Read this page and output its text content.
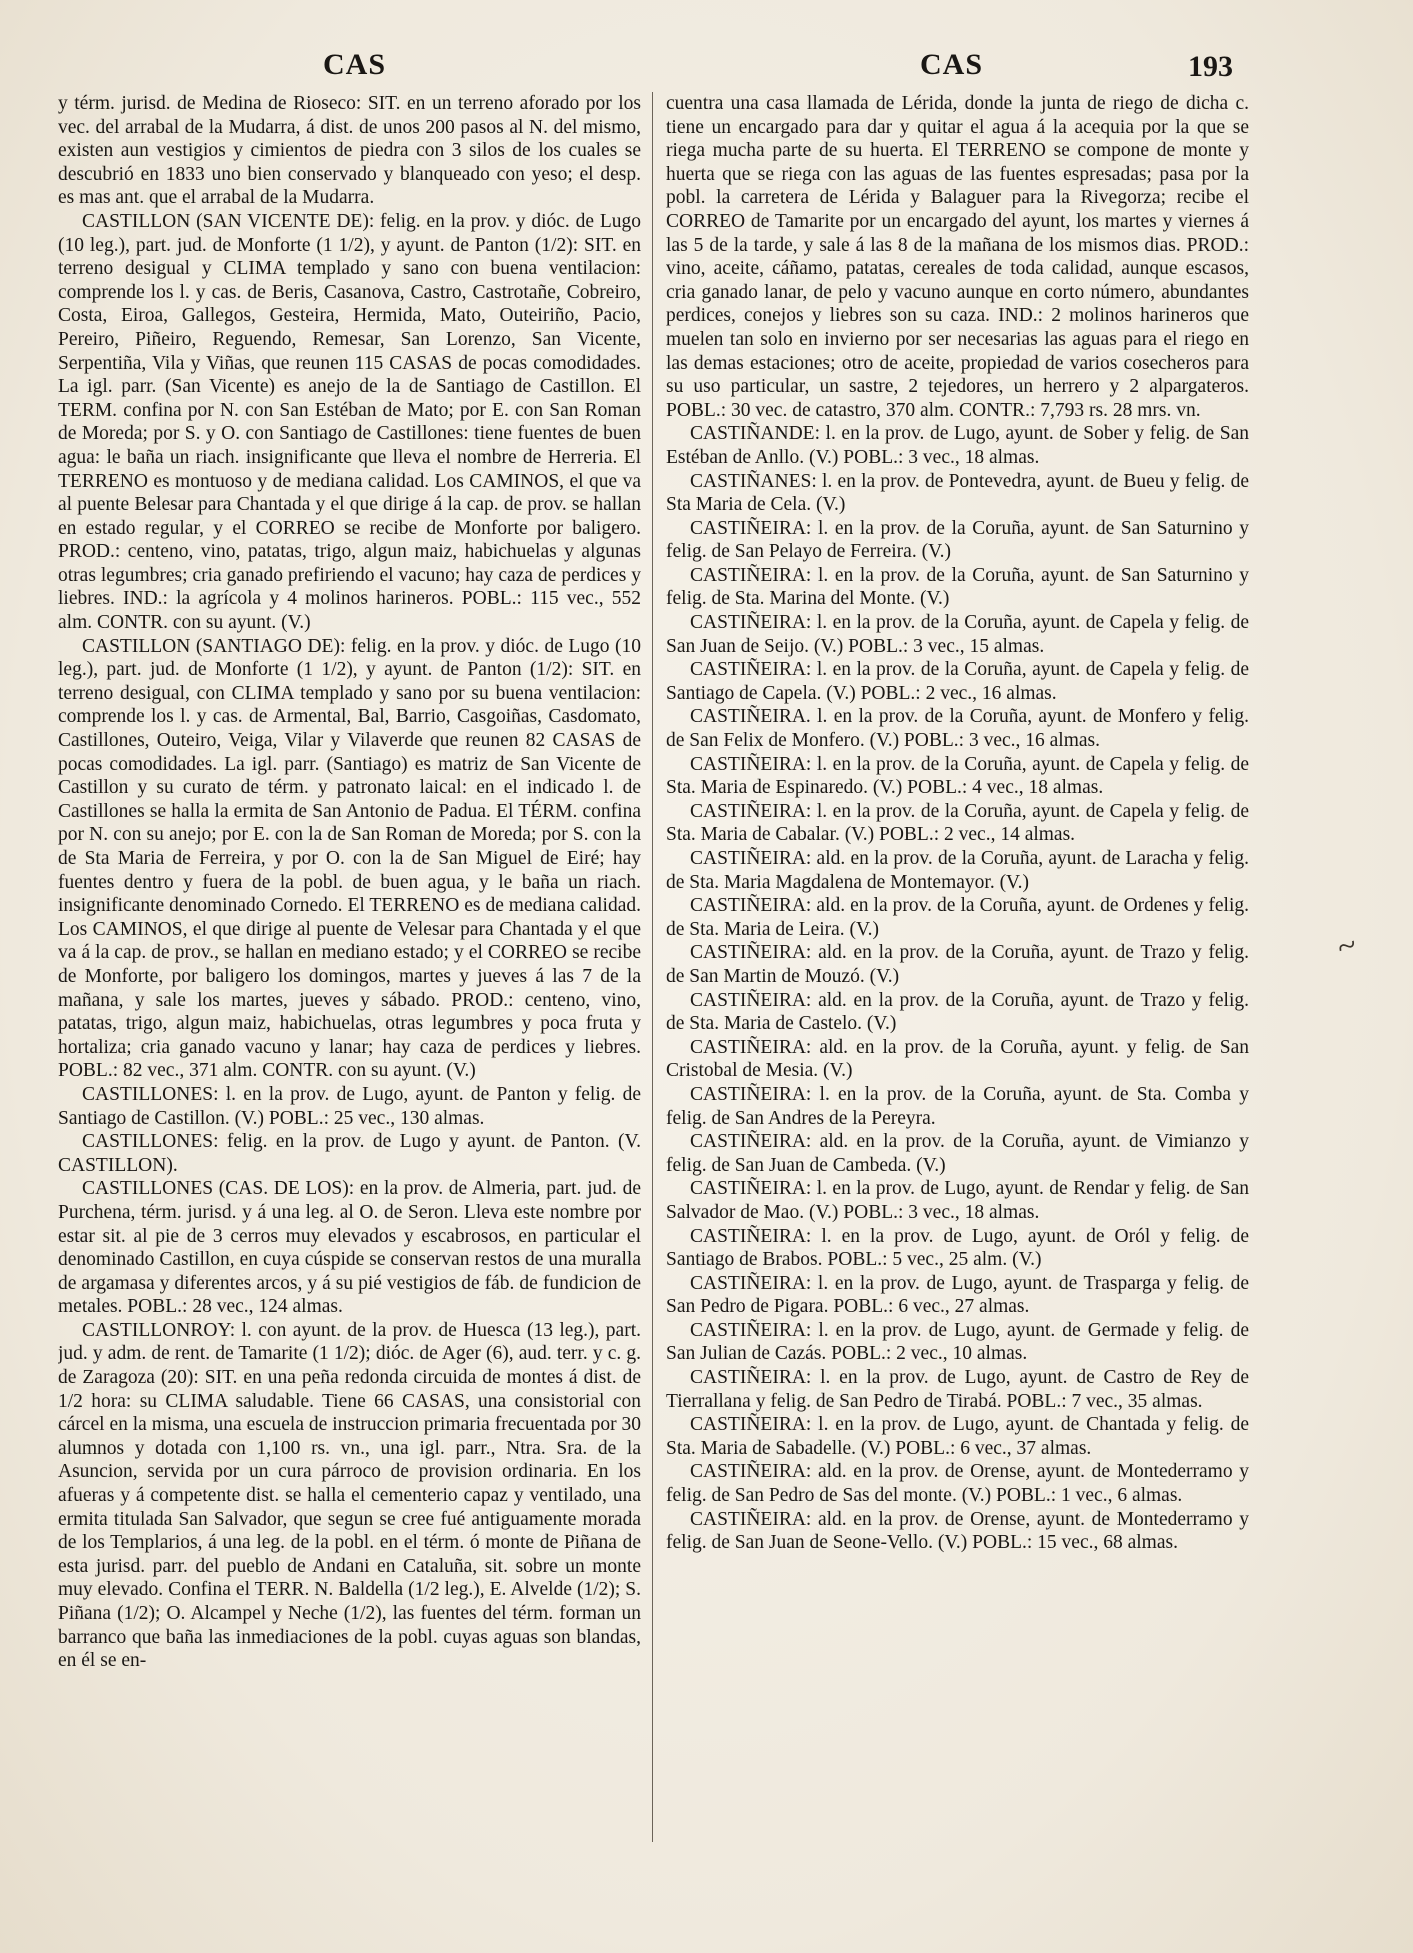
CAS	CAS	193

y térm. jurisd. de Medina de Rioseco: SIT. en un terreno aforado por los vec. del arrabal de la Mudarra, á dist. de unos 200 pasos al N. del mismo, existen aun vestigios y cimientos de piedra con 3 silos de los cuales se descubrió en 1833 uno bien conservado y blanqueado con yeso; el desp. es mas ant. que el arrabal de la Mudarra.

CASTILLON (SAN VICENTE DE): felig. en la prov. y dióc. de Lugo (10 leg.), part. jud. de Monforte (1 1/2), y ayunt. de Panton (1/2): SIT. en terreno desigual y CLIMA templado y sano con buena ventilacion: comprende los l. y cas. de Beris, Casanova, Castro, Castrotañe, Cobreiro, Costa, Eiroa, Gallegos, Gesteira, Hermida, Mato, Outeiriño, Pacio, Pereiro, Piñeiro, Reguendo, Remesar, San Lorenzo, San Vicente, Serpentiña, Vila y Viñas, que reunen 115 CASAS de pocas comodidades. La igl. parr. (San Vicente) es anejo de la de Santiago de Castillon. El TERM. confina por N. con San Estéban de Mato; por E. con San Roman de Moreda; por S. y O. con Santiago de Castillones: tiene fuentes de buen agua: le baña un riach. insignificante que lleva el nombre de Herreria. El TERRENO es montuoso y de mediana calidad. Los CAMINOS, el que va al puente Belesar para Chantada y el que dirige á la cap. de prov. se hallan en estado regular, y el CORREO se recibe de Monforte por baligero. PROD.: centeno, vino, patatas, trigo, algun maiz, habichuelas y algunas otras legumbres; cria ganado prefiriendo el vacuno; hay caza de perdices y liebres. IND.: la agrícola y 4 molinos harineros. POBL.: 115 vec., 552 alm. CONTR. con su ayunt. (V.)

CASTILLON (SANTIAGO DE): felig. en la prov. y dióc. de Lugo (10 leg.), part. jud. de Monforte (1 1/2), y ayunt. de Panton (1/2): SIT. en terreno desigual, con CLIMA templado y sano por su buena ventilacion: comprende los l. y cas. de Armental, Bal, Barrio, Casgoiñas, Casdomato, Castillones, Outeiro, Veiga, Vilar y Vilaverde que reunen 82 CASAS de pocas comodidades. La igl. parr. (Santiago) es matriz de San Vicente de Castillon y su curato de térm. y patronato laical: en el indicado l. de Castillones se halla la ermita de San Antonio de Padua. El TÉRM. confina por N. con su anejo; por E. con la de San Roman de Moreda; por S. con la de Sta Maria de Ferreira, y por O. con la de San Miguel de Eiré; hay fuentes dentro y fuera de la pobl. de buen agua, y le baña un riach. insignificante denominado Cornedo. El TERRENO es de mediana calidad. Los CAMINOS, el que dirige al puente de Velesar para Chantada y el que va á la cap. de prov., se hallan en mediano estado; y el CORREO se recibe de Monforte, por baligero los domingos, martes y jueves á las 7 de la mañana, y sale los martes, jueves y sábado. PROD.: centeno, vino, patatas, trigo, algun maiz, habichuelas, otras legumbres y poca fruta y hortaliza; cria ganado vacuno y lanar; hay caza de perdices y liebres. POBL.: 82 vec., 371 alm. CONTR. con su ayunt. (V.)

CASTILLONES: l. en la prov. de Lugo, ayunt. de Panton y felig. de Santiago de Castillon. (V.) POBL.: 25 vec., 130 almas.

CASTILLONES: felig. en la prov. de Lugo y ayunt. de Panton. (V. CASTILLON).

CASTILLONES (CAS. DE LOS): en la prov. de Almeria, part. jud. de Purchena, térm. jurisd. y á una leg. al O. de Seron. Lleva este nombre por estar sit. al pie de 3 cerros muy elevados y escabrosos, en particular el denominado Castillon, en cuya cúspide se conservan restos de una muralla de argamasa y diferentes arcos, y á su pié vestigios de fáb. de fundicion de metales. POBL.: 28 vec., 124 almas.

CASTILLONROY: l. con ayunt. de la prov. de Huesca (13 leg.), part. jud. y adm. de rent. de Tamarite (1 1/2); dióc. de Ager (6), aud. terr. y c. g. de Zaragoza (20): SIT. en una peña redonda circuida de montes á dist. de 1/2 hora: su CLIMA saludable. Tiene 66 CASAS, una consistorial con cárcel en la misma, una escuela de instruccion primaria frecuentada por 30 alumnos y dotada con 1,100 rs. vn., una igl. parr., Ntra. Sra. de la Asuncion, servida por un cura párroco de provision ordinaria. En los afueras y á competente dist. se halla el cementerio capaz y ventilado, una ermita titulada San Salvador, que segun se cree fué antiguamente morada de los Templarios, á una leg. de la pobl. en el térm. ó monte de Piñana de esta jurisd. parr. del pueblo de Andani en Cataluña, sit. sobre un monte muy elevado. Confina el TERR. N. Baldella (1/2 leg.), E. Alvelde (1/2); S. Piñana (1/2); O. Alcampel y Neche (1/2), las fuentes del térm. forman un barranco que baña las inmediaciones de la pobl. cuyas aguas son blandas, en él se en-

cuentra una casa llamada de Lérida, donde la junta de riego de dicha c. tiene un encargado para dar y quitar el agua á la acequia por la que se riega mucha parte de su huerta. El TERRENO se compone de monte y huerta que se riega con las aguas de las fuentes espresadas; pasa por la pobl. la carretera de Lérida y Balaguer para la Rivegorza; recibe el CORREO de Tamarite por un encargado del ayunt, los martes y viernes á las 5 de la tarde, y sale á las 8 de la mañana de los mismos dias. PROD.: vino, aceite, cáñamo, patatas, cereales de toda calidad, aunque escasos, cria ganado lanar, de pelo y vacuno aunque en corto número, abundantes perdices, conejos y liebres son su caza. IND.: 2 molinos harineros que muelen tan solo en invierno por ser necesarias las aguas para el riego en las demas estaciones; otro de aceite, propiedad de varios cosecheros para su uso particular, un sastre, 2 tejedores, un herrero y 2 alpargateros. POBL.: 30 vec. de catastro, 370 alm. CONTR.: 7,793 rs. 28 mrs. vn.

CASTIÑANDE: l. en la prov. de Lugo, ayunt. de Sober y felig. de San Estéban de Anllo. (V.) POBL.: 3 vec., 18 almas.

CASTIÑANES: l. en la prov. de Pontevedra, ayunt. de Bueu y felig. de Sta Maria de Cela. (V.)

CASTIÑEIRA: l. en la prov. de la Coruña, ayunt. de San Saturnino y felig. de San Pelayo de Ferreira. (V.)

CASTIÑEIRA: l. en la prov. de la Coruña, ayunt. de San Saturnino y felig. de Sta. Marina del Monte. (V.)

CASTIÑEIRA: l. en la prov. de la Coruña, ayunt. de Capela y felig. de San Juan de Seijo. (V.) POBL.: 3 vec., 15 almas.

CASTIÑEIRA: l. en la prov. de la Coruña, ayunt. de Capela y felig. de Santiago de Capela. (V.) POBL.: 2 vec., 16 almas.

CASTIÑEIRA. l. en la prov. de la Coruña, ayunt. de Monfero y felig. de San Felix de Monfero. (V.) POBL.: 3 vec., 16 almas.

CASTIÑEIRA: l. en la prov. de la Coruña, ayunt. de Capela y felig. de Sta. Maria de Espinaredo. (V.) POBL.: 4 vec., 18 almas.

CASTIÑEIRA: l. en la prov. de la Coruña, ayunt. de Capela y felig. de Sta. Maria de Cabalar. (V.) POBL.: 2 vec., 14 almas.

CASTIÑEIRA: ald. en la prov. de la Coruña, ayunt. de Laracha y felig. de Sta. Maria Magdalena de Montemayor. (V.)

CASTIÑEIRA: ald. en la prov. de la Coruña, ayunt. de Ordenes y felig. de Sta. Maria de Leira. (V.)

CASTIÑEIRA: ald. en la prov. de la Coruña, ayunt. de Trazo y felig. de San Martin de Mouzó. (V.)

CASTIÑEIRA: ald. en la prov. de la Coruña, ayunt. de Trazo y felig. de Sta. Maria de Castelo. (V.)

CASTIÑEIRA: ald. en la prov. de la Coruña, ayunt. y felig. de San Cristobal de Mesia. (V.)

CASTIÑEIRA: l. en la prov. de la Coruña, ayunt. de Sta. Comba y felig. de San Andres de la Pereyra.

CASTIÑEIRA: ald. en la prov. de la Coruña, ayunt. de Vimianzo y felig. de San Juan de Cambeda. (V.)

CASTIÑEIRA: l. en la prov. de Lugo, ayunt. de Rendar y felig. de San Salvador de Mao. (V.) POBL.: 3 vec., 18 almas.

CASTIÑEIRA: l. en la prov. de Lugo, ayunt. de Oról y felig. de Santiago de Brabos. POBL.: 5 vec., 25 alm. (V.)

CASTIÑEIRA: l. en la prov. de Lugo, ayunt. de Trasparga y felig. de San Pedro de Pigara. POBL.: 6 vec., 27 almas.

CASTIÑEIRA: l. en la prov. de Lugo, ayunt. de Germade y felig. de San Julian de Cazás. POBL.: 2 vec., 10 almas.

CASTIÑEIRA: l. en la prov. de Lugo, ayunt. de Castro de Rey de Tierrallana y felig. de San Pedro de Tirabá. POBL.: 7 vec., 35 almas.

CASTIÑEIRA: l. en la prov. de Lugo, ayunt. de Chantada y felig. de Sta. Maria de Sabadelle. (V.) POBL.: 6 vec., 37 almas.

CASTIÑEIRA: ald. en la prov. de Orense, ayunt. de Montederramo y felig. de San Pedro de Sas del monte. (V.) POBL.: 1 vec., 6 almas.

CASTIÑEIRA: ald. en la prov. de Orense, ayunt. de Montederramo y felig. de San Juan de Seone-Vello. (V.) POBL.: 15 vec., 68 almas.

~
